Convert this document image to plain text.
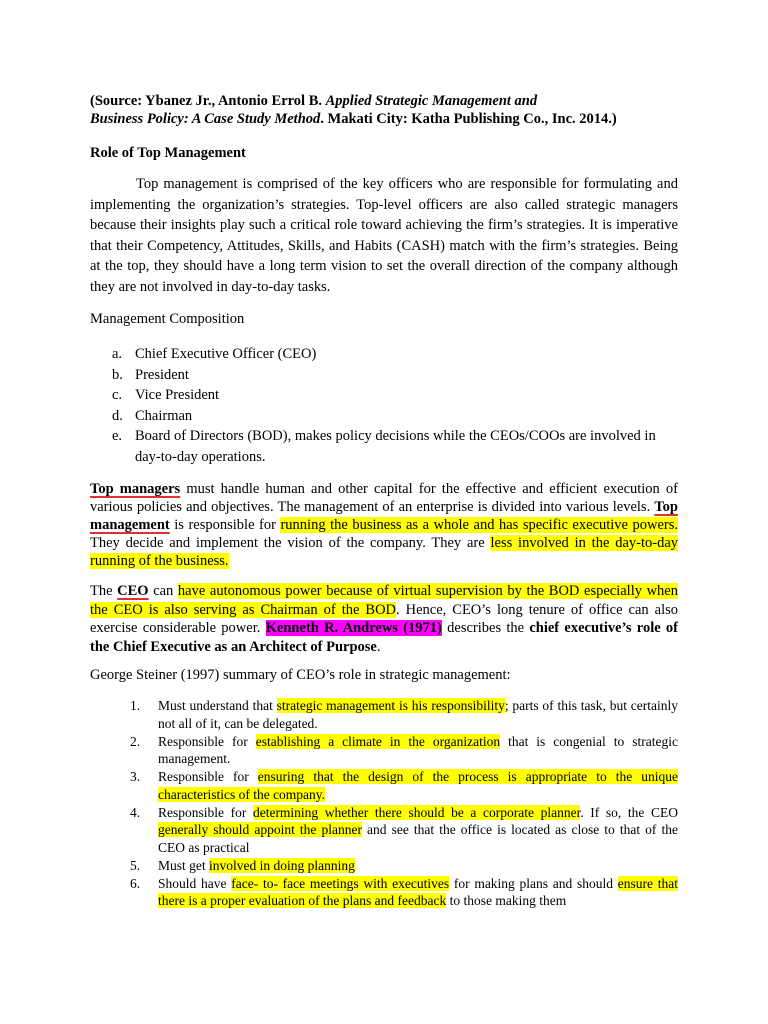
(Source: Ybanez Jr., Antonio Errol B. Applied Strategic Management and
Business Policy: A Case Study Method. Makati City: Katha Publishing Co., Inc. 2014.)
Role of Top Management
Top management is comprised of the key officers who are responsible for formulating and implementing the organization’s strategies. Top-level officers are also called strategic managers because their insights play such a critical role toward achieving the firm’s strategies. It is imperative that their Competency, Attitudes, Skills, and Habits (CASH) match with the firm’s strategies. Being at the top, they should have a long term vision to set the overall direction of the company although they are not involved in day-to-day tasks.
Management Composition
a. Chief Executive Officer (CEO)
b. President
c. Vice President
d. Chairman
e. Board of Directors (BOD), makes policy decisions while the CEOs/COOs are involved in day-to-day operations.
Top managers must handle human and other capital for the effective and efficient execution of various policies and objectives. The management of an enterprise is divided into various levels. Top management is responsible for running the business as a whole and has specific executive powers. They decide and implement the vision of the company. They are less involved in the day-to-day running of the business.
The CEO can have autonomous power because of virtual supervision by the BOD especially when the CEO is also serving as Chairman of the BOD. Hence, CEO’s long tenure of office can also exercise considerable power. Kenneth R. Andrews (1971) describes the chief executive’s role of the Chief Executive as an Architect of Purpose.
George Steiner (1997) summary of CEO’s role in strategic management:
1.	Must understand that strategic management is his responsibility; parts of this task, but certainly not all of it, can be delegated.
2.	Responsible for establishing a climate in the organization that is congenial to strategic management.
3.	Responsible for ensuring that the design of the process is appropriate to the unique characteristics of the company.
4.	Responsible for determining whether there should be a corporate planner. If so, the CEO generally should appoint the planner and see that the office is located as close to that of the CEO as practical
5.	Must get involved in doing planning
6.	Should have face- to- face meetings with executives for making plans and should ensure that there is a proper evaluation of the plans and feedback to those making them
